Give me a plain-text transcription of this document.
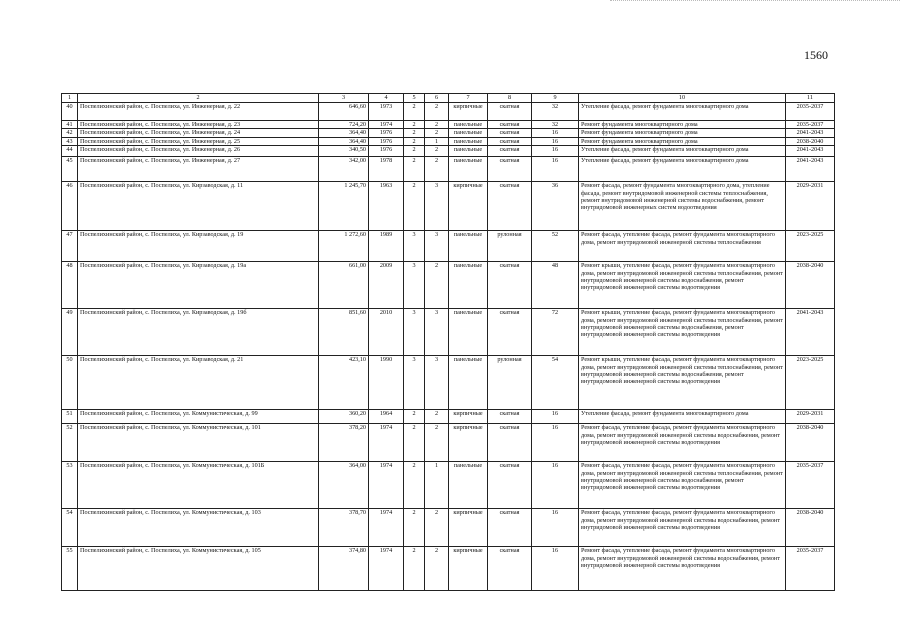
1560
1	2	3	4	5	6	7	8	9	10	11
40	Поспелихинский район, с. Поспелиха, ул. Инженерная, д. 22	646,60	1973	2	2	кирпичные	скатная	32	Утепление фасада, ремонт фундамента многоквартирного дома	2035-2037
41	Поспелихинский район, с. Поспелиха, ул. Инженерная, д. 23	724,20	1974	2	2	панельные	скатная	32	Ремонт фундамента многоквартирного дома	2035-2037
42	Поспелихинский район, с. Поспелиха, ул. Инженерная, д. 24	364,40	1976	2	2	панельные	скатная	16	Ремонт фундамента многоквартирного дома	2041-2043
43	Поспелихинский район, с. Поспелиха, ул. Инженерная, д. 25	364,40	1976	2	1	панельные	скатная	16	Ремонт фундамента многоквартирного дома	2038-2040
44	Поспелихинский район, с. Поспелиха, ул. Инженерная, д. 26	340,50	1976	2	2	панельные	скатная	16	Утепление фасада, ремонт фундамента многоквартирного дома	2041-2043
45	Поспелихинский район, с. Поспелиха, ул. Инженерная, д. 27	342,00	1978	2	2	панельные	скатная	16	Утепление фасада, ремонт фундамента многоквартирного дома	2041-2043
46	Поспелихинский район, с. Поспелиха, ул. Кирзаводская, д. 11	1 245,70	1963	2	3	кирпичные	скатная	36	Ремонт фасада, ремонт фундамента многоквартирного дома, утепление фасада, ремонт внутридомовой инженерной системы теплоснабжения, ремонт внутридомовой инженерной системы водоснабжения, ремонт внутридомовой инженерных систем водоотведения	2029-2031
47	Поспелихинский район, с. Поспелиха, ул. Кирзаводская, д. 19	1 272,60	1989	3	3	панельные	рулонная	52	Ремонт фасада, утепление фасада, ремонт фундамента многоквартирного дома, ремонт внутридомовой инженерной системы теплоснабжения	2023-2025
48	Поспелихинский район, с. Поспелиха, ул. Кирзаводская, д. 19а	661,00	2009	3	2	панельные	скатная	48	Ремонт крыши, утепление фасада, ремонт фундамента многоквартирного дома, ремонт внутридомовой инженерной системы теплоснабжения, ремонт внутридомовой инженерной системы водоснабжения, ремонт внутридомовой инженерной системы водоотведения	2038-2040
49	Поспелихинский район, с. Поспелиха, ул. Кирзаводская, д. 19б	851,60	2010	3	3	панельные	скатная	72	Ремонт крыши, утепление фасада, ремонт фундамента многоквартирного дома, ремонт внутридомовой инженерной системы теплоснабжения, ремонт внутридомовой инженерной системы водоснабжения, ремонт внутридомовой инженерной системы водоотведения	2041-2043
50	Поспелихинский район, с. Поспелиха, ул. Кирзаводская, д. 21	423,10	1990	3	3	панельные	рулонная	54	Ремонт крыши, утепление фасада, ремонт фундамента многоквартирного дома, ремонт внутридомовой инженерной системы теплоснабжения, ремонт внутридомовой инженерной системы водоснабжения, ремонт внутридомовой инженерной системы водоотведения	2023-2025
51	Поспелихинский район, с. Поспелиха, ул. Коммунистическая, д. 99	360,20	1964	2	2	кирпичные	скатная	16	Утепление фасада, ремонт фундамента многоквартирного дома	2029-2031
52	Поспелихинский район, с. Поспелиха, ул. Коммунистическая, д. 101	378,20	1974	2	2	кирпичные	скатная	16	Ремонт фасада, утепление фасада, ремонт фундамента многоквартирного дома, ремонт внутридомовой инженерной системы водоснабжения, ремонт внутридомовой инженерной системы водоотведения	2038-2040
53	Поспелихинский район, с. Поспелиха, ул. Коммунистическая, д. 101Б	364,00	1974	2	1	панельные	скатная	16	Ремонт фасада, утепление фасада, ремонт фундамента многоквартирного дома, ремонт внутридомовой инженерной системы теплоснабжения, ремонт внутридомовой инженерной системы водоснабжения, ремонт внутридомовой инженерной системы водоотведения	2035-2037
54	Поспелихинский район, с. Поспелиха, ул. Коммунистическая, д. 103	378,70	1974	2	2	кирпичные	скатная	16	Ремонт фасада, утепление фасада, ремонт фундамента многоквартирного дома, ремонт внутридомовой инженерной системы водоснабжения, ремонт внутридомовой инженерной системы водоотведения	2038-2040
55	Поспелихинский район, с. Поспелиха, ул. Коммунистическая, д. 105	374,80	1974	2	2	кирпичные	скатная	16	Ремонт фасада, утепление фасада, ремонт фундамента многоквартирного дома, ремонт внутридомовой инженерной системы водоснабжения, ремонт внутридомовой инженерной системы водоотведения	2035-2037
